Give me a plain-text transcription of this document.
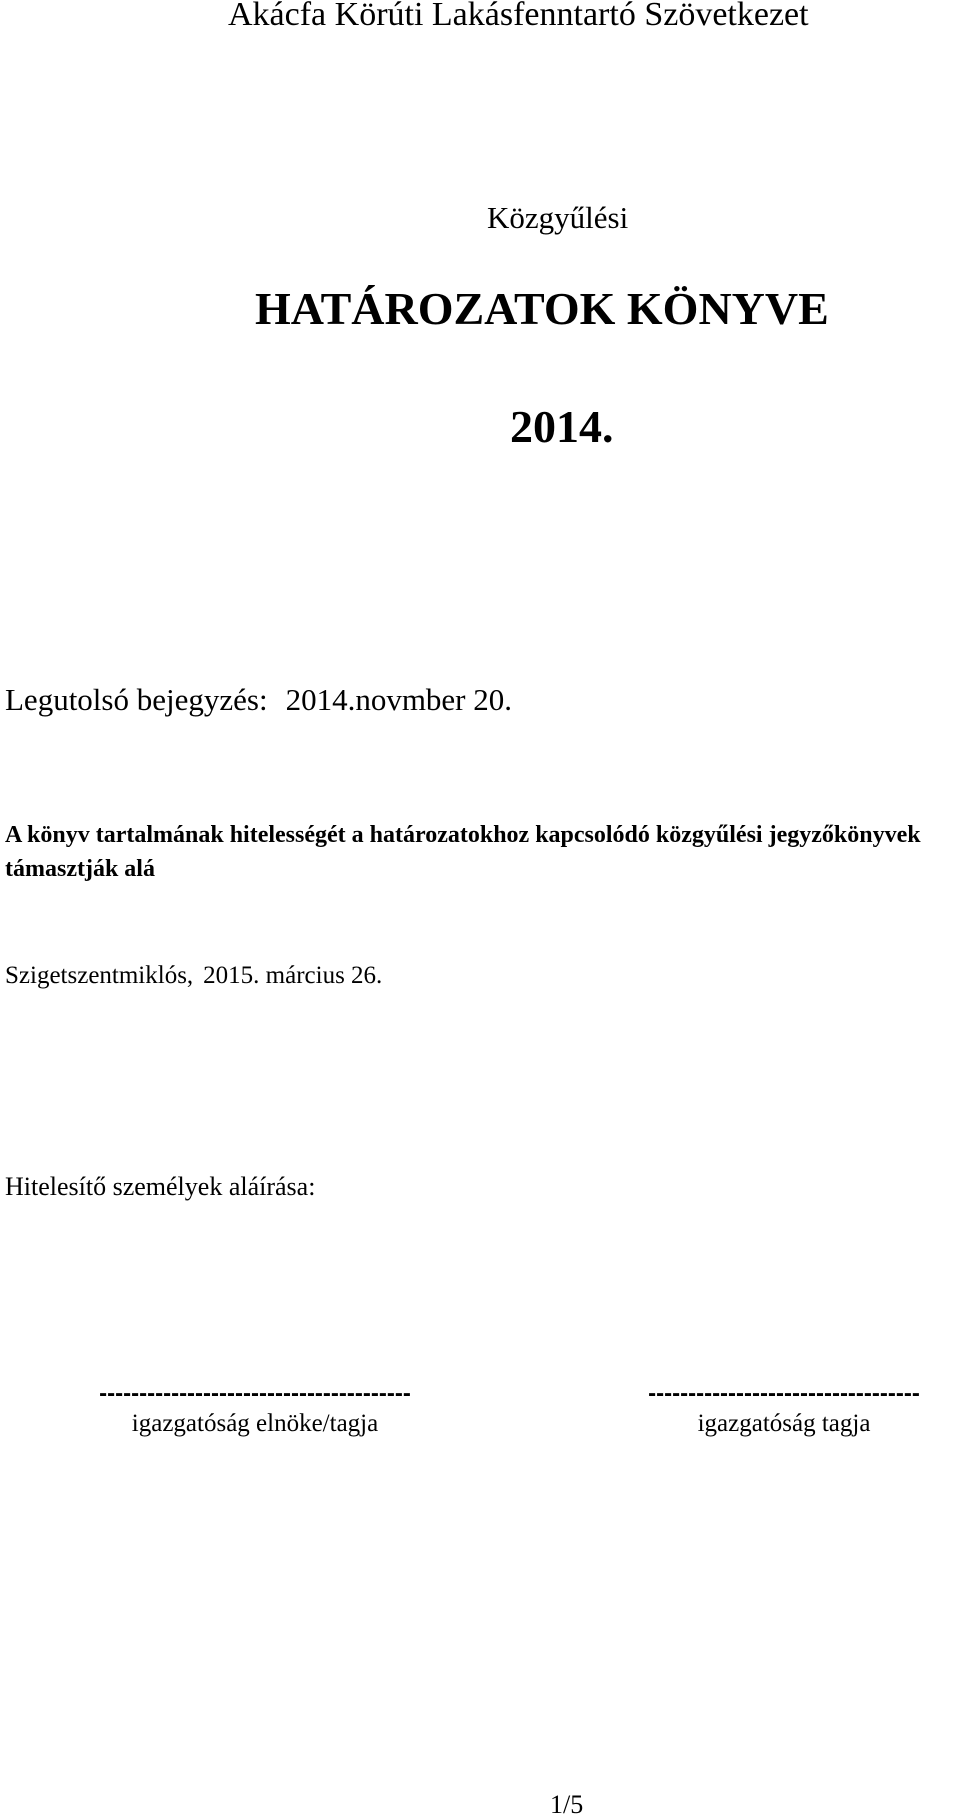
Akácfa Körúti Lakásfenntartó Szövetkezet
Közgyűlési
HATÁROZATOK KÖNYVE
2014.
Legutolsó bejegyzés: 2014.novmber 20.

A könyv tartalmának hitelességét a határozatokhoz kapcsolódó közgyűlési jegyzőkönyvek támasztják alá

Szigetszentmiklós, 2015. március 26.
Hitelesítő személyek aláírása:
---------------------------------------
igazgatóság elnöke/tagja
----------------------------------
igazgatóság tagja
1/5
